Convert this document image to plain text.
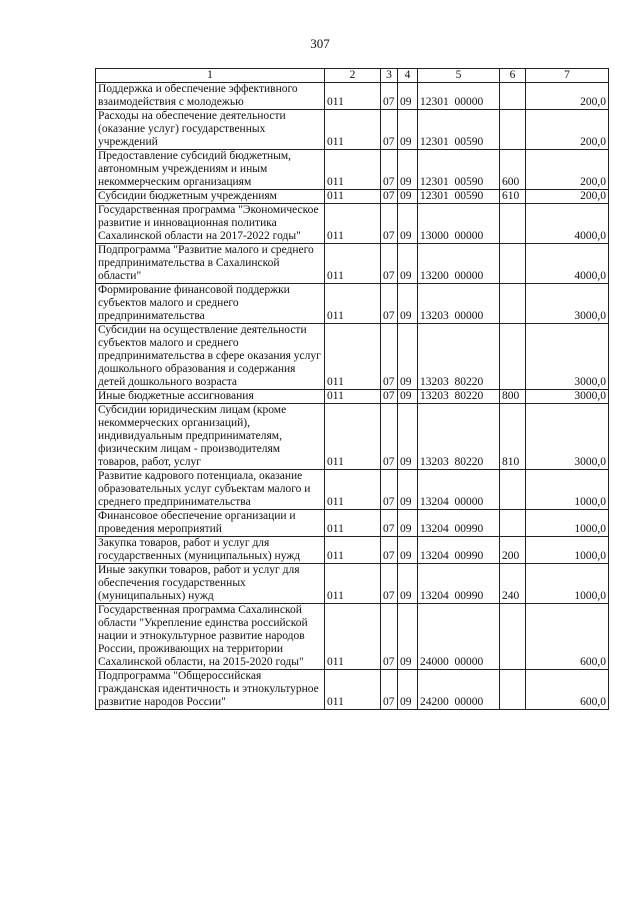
307
1	2	3	4	5	6	7
Поддержка и обеспечение эффективного взаимодействия с молодежью	011	07	09	12301  00000		200,0
Расходы на обеспечение деятельности (оказание услуг) государственных учреждений	011	07	09	12301  00590		200,0
Предоставление субсидий бюджетным, автономным учреждениям и иным некоммерческим организациям	011	07	09	12301  00590	600	200,0
Субсидии бюджетным учреждениям	011	07	09	12301  00590	610	200,0
Государственная программа "Экономическое развитие и инновационная политика Сахалинской области на 2017-2022 годы"	011	07	09	13000  00000		4000,0
Подпрограмма "Развитие малого и среднего предпринимательства в Сахалинской области"	011	07	09	13200  00000		4000,0
Формирование финансовой поддержки субъектов малого и среднего предпринимательства	011	07	09	13203  00000		3000,0
Субсидии на осуществление деятельности субъектов малого и среднего предпринимательства в сфере оказания услуг дошкольного образования и содержания детей дошкольного возраста	011	07	09	13203  80220		3000,0
Иные бюджетные ассигнования	011	07	09	13203  80220	800	3000,0
Субсидии юридическим лицам (кроме некоммерческих организаций), индивидуальным предпринимателям, физическим лицам - производителям товаров, работ, услуг	011	07	09	13203  80220	810	3000,0
Развитие кадрового потенциала, оказание образовательных услуг субъектам малого и среднего предпринимательства	011	07	09	13204  00000		1000,0
Финансовое обеспечение организации и проведения мероприятий	011	07	09	13204  00990		1000,0
Закупка товаров, работ и услуг для государственных (муниципальных) нужд	011	07	09	13204  00990	200	1000,0
Иные закупки товаров, работ и услуг для обеспечения государственных (муниципальных) нужд	011	07	09	13204  00990	240	1000,0
Государственная программа Сахалинской области "Укрепление единства российской нации и этнокультурное развитие народов России, проживающих на территории Сахалинской области, на 2015-2020 годы"	011	07	09	24000  00000		600,0
Подпрограмма "Общероссийская гражданская идентичность и этнокультурное развитие народов России"	011	07	09	24200  00000		600,0
